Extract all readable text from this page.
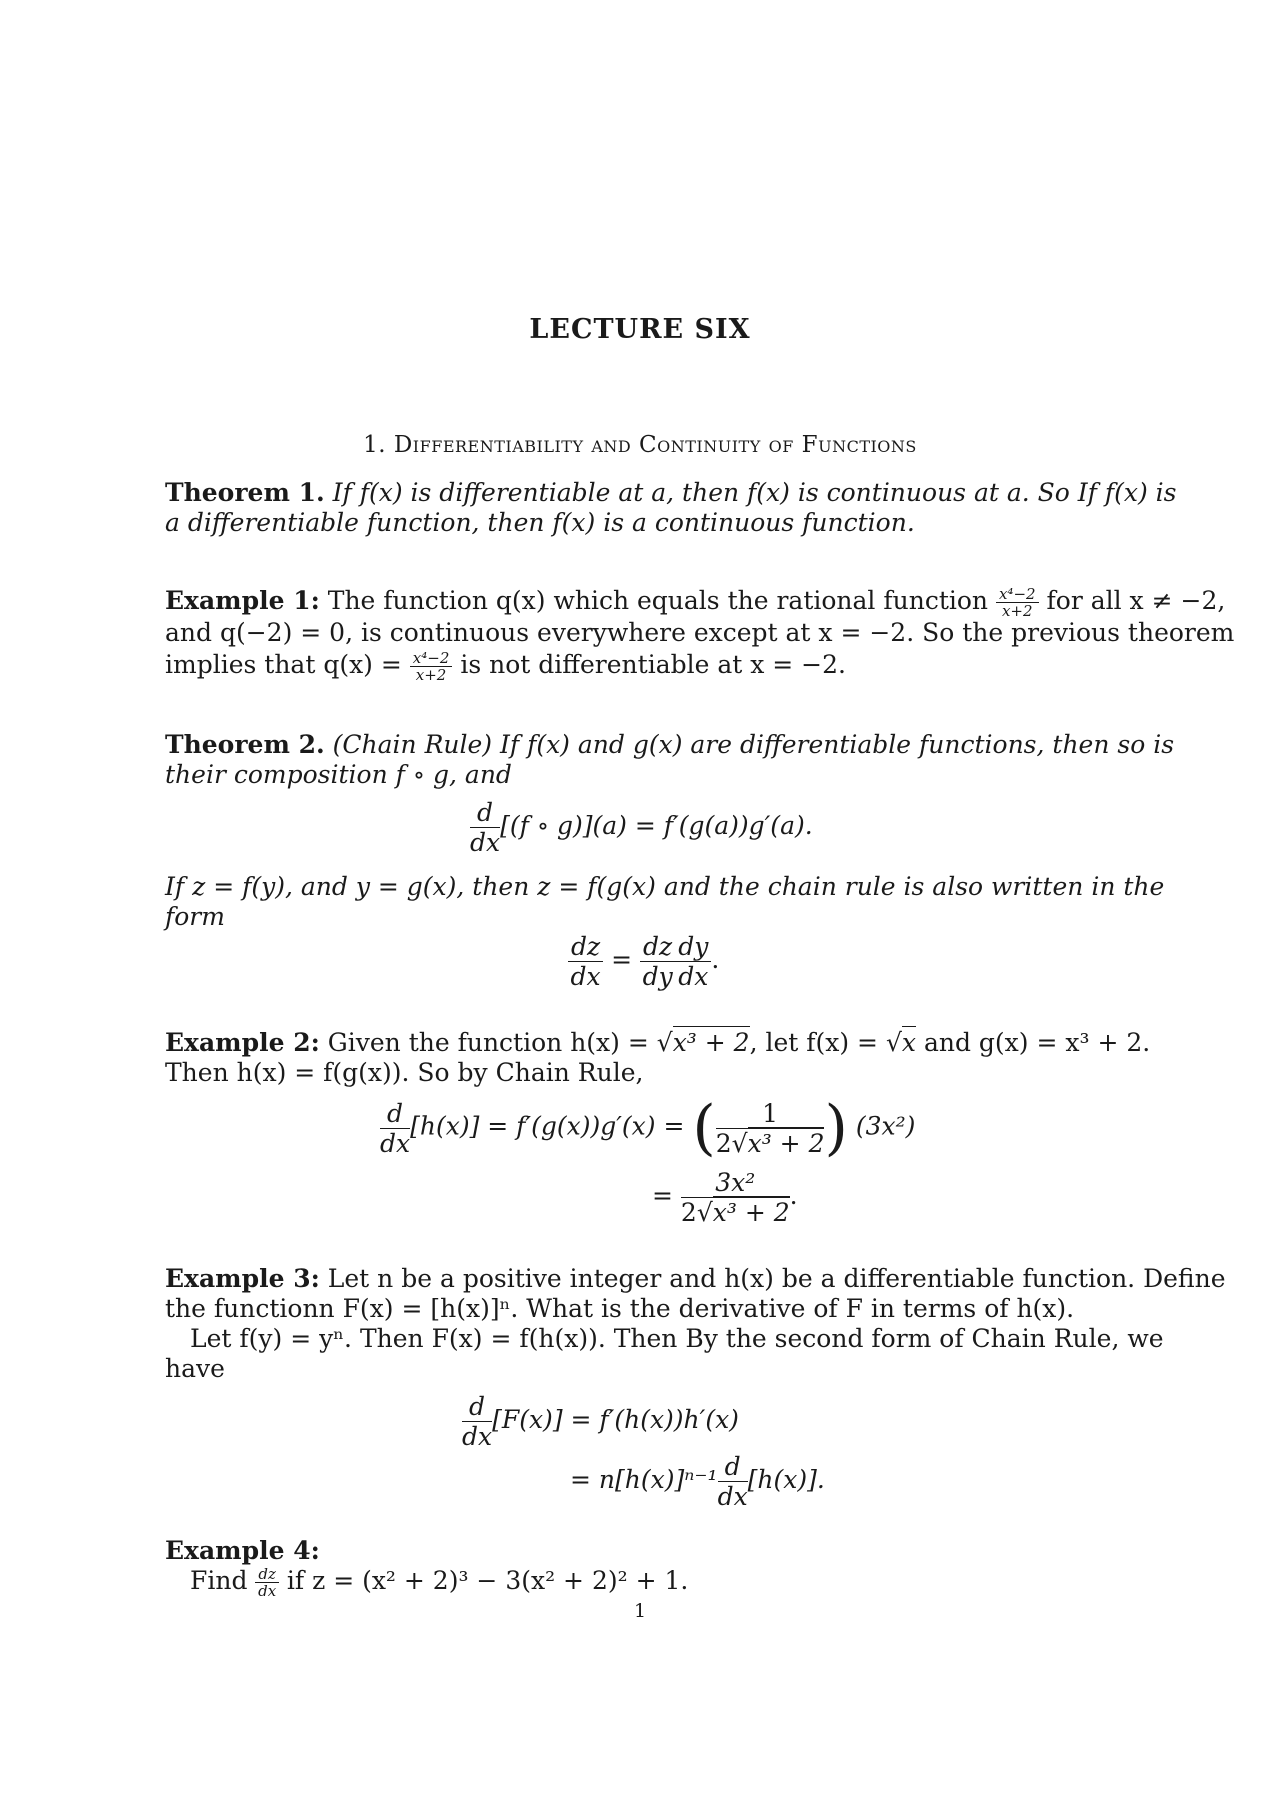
LECTURE SIX
1. Differentiability and Continuity of Functions
Theorem 1. If f(x) is differentiable at a, then f(x) is continuous at a. So If f(x) is
a differentiable function, then f(x) is a continuous function.
Example 1: The function q(x) which equals the rational function $\frac{\text{x⁴−2}}{x+2}$ for all x ≠ −2,
and q(−2) = 0, is continuous everywhere except at x = −2. So the previous theorem
implies that $q(x) = \frac{\text{x⁴−2}}{x+2}$ is not differentiable at x = −2.
Theorem 2. (Chain Rule) If f(x) and g(x) are differentiable functions, then so is
their composition f ∘ g, and
$\frac{d}{dx} [(f$ ∘ g)](a) = f′(g(a))g′(a).
If z = f(y), and y = g(x), then z = f(g(x) and the chain rule is also written in the
form
$\frac{dz}{dx} = \frac{dz}{dy} \frac{dy}{dx}$ .
Example 2: Given the function h(x) = √x³ + 2, let f(x) = √x and g(x) = x³ + 2.
Then h(x) = f(g(x)). So by Chain Rule,
$\frac{d}{dx} [h(x)] = f'(g(x))g'(x)$ = ( $\frac{1}{\text{2√x³ + 2}}$ ) (3x²)
= $\frac{\text{3x²}}{\text{2√x³ + 2}}$ .
Example 3: Let n be a positive integer and h(x) be a differentiable function. Define
the functionn F(x) = [h(x)]ⁿ. What is the derivative of F in terms of h(x).
Let f(y) = yⁿ. Then F(x) = f(h(x)). Then By the second form of Chain Rule, we
have
$\frac{d}{dx} [F(x)] = f'(h(x))h'(x)$
= $n[h(x)]^{n-1} \frac{d}{dx} [h(x)]$.
Example 4:
Find $\frac{dz}{dx}$ if z = (x² + 2)³ − 3(x² + 2)² + 1.
1
